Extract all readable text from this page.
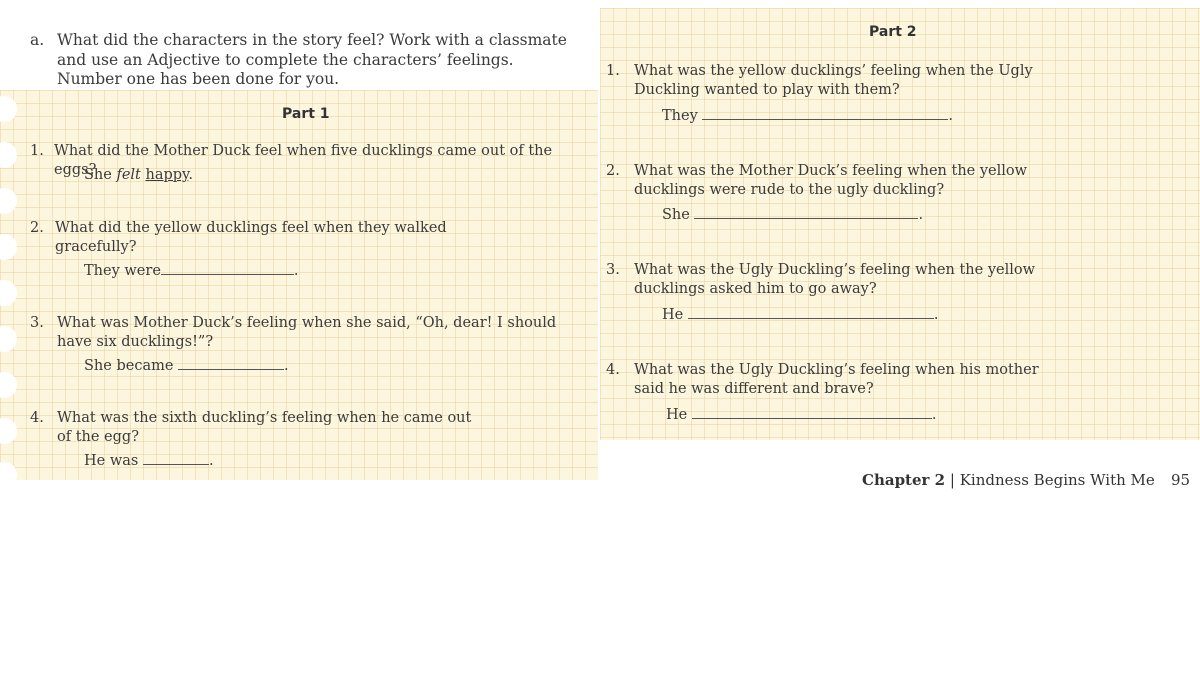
a. What did the characters in the story feel? Work with a classmate and use an Adjective to complete the characters’ feelings. Number one has been done for you.
Part 1
1. What did the Mother Duck feel when five ducklings came out of the eggs?
She felt happy.
2. What did the yellow ducklings feel when they walked gracefully?
They were	.
3. What was Mother Duck’s feeling when she said, “Oh, dear! I should have six ducklings!”?
She became	.
4. What was the sixth duckling’s feeling when he came out of the egg?
He was	.
Part 2
1. What was the yellow ducklings’ feeling when the Ugly Duckling wanted to play with them?
They	.
2. What was the Mother Duck’s feeling when the yellow ducklings were rude to the ugly duckling?
She	.
3. What was the Ugly Duckling’s feeling when the yellow ducklings asked him to go away?
He	.
4. What was the Ugly Duckling’s feeling when his mother said he was different and brave?
He	.
Chapter 2 | Kindness Begins With Me 95
